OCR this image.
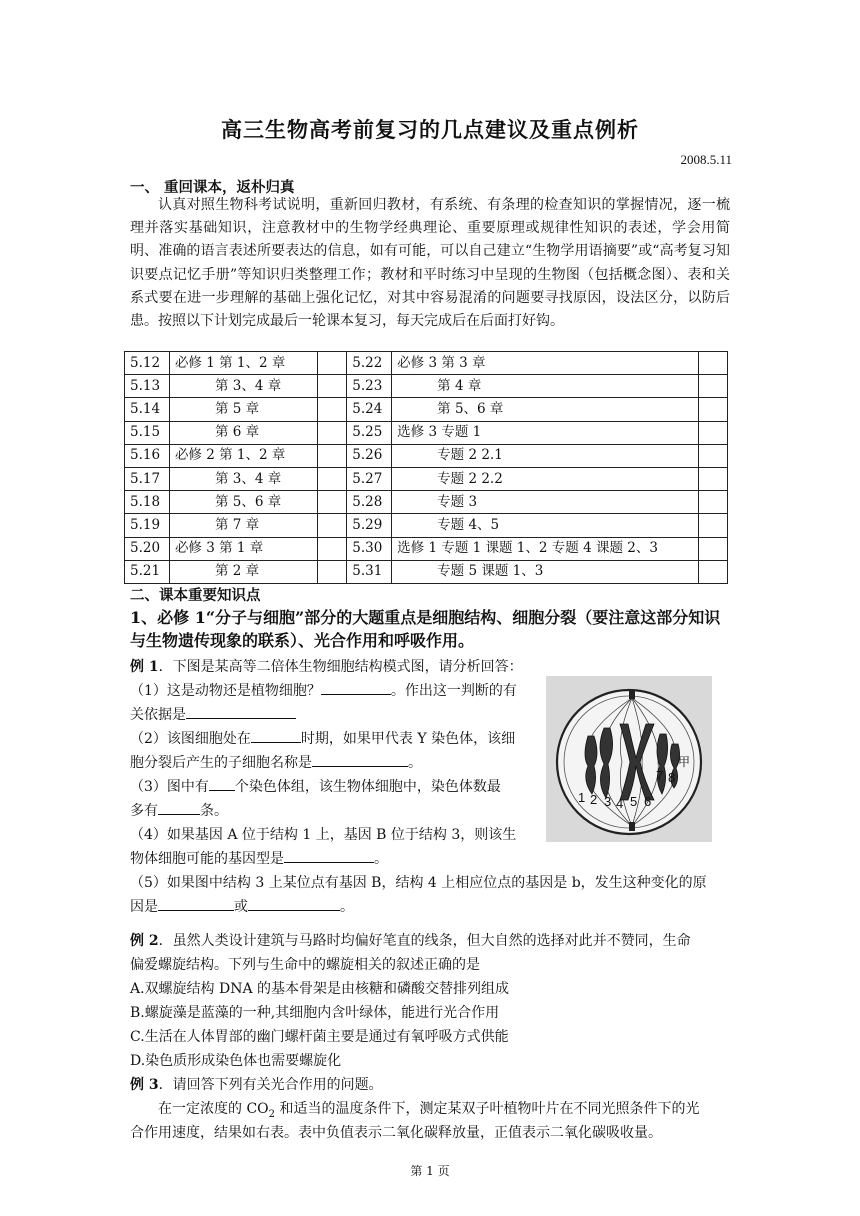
高三生物高考前复习的几点建议及重点例析
2008.5.11
一、 重回课本，返朴归真
认真对照生物科考试说明，重新回归教材，有系统、有条理的检查知识的掌握情况，逐一梳理并落实基础知识，注意教材中的生物学经典理论、重要原理或规律性知识的表述，学会用简明、准确的语言表述所要表达的信息，如有可能，可以自己建立“生物学用语摘要”或“高考复习知识要点记忆手册”等知识归类整理工作；教材和平时练习中呈现的生物图（包括概念图）、表和关系式要在进一步理解的基础上强化记忆，对其中容易混淆的问题要寻找原因，设法区分，以防后患。按照以下计划完成最后一轮课本复习，每天完成后在后面打好钩。
5.12	必修 1 第 1、2 章		5.22	必修 3 第 3 章	
5.13	第 3、4 章		5.23	第 4 章	
5.14	第 5 章		5.24	第 5、6 章	
5.15	第 6 章		5.25	选修 3 专题 1	
5.16	必修 2 第 1、2 章		5.26	专题 2 2.1	
5.17	第 3、4 章		5.27	专题 2 2.2	
5.18	第 5、6 章		5.28	专题 3	
5.19	第 7 章		5.29	专题 4、5	
5.20	必修 3 第 1 章		5.30	选修 1 专题 1 课题 1、2 专题 4 课题 2、3	
5.21	第 2 章		5.31	专题 5 课题 1、3	
二、课本重要知识点
1、必修 1“分子与细胞”部分的大题重点是细胞结构、细胞分裂（要注意这部分知识与生物遗传现象的联系）、光合作用和呼吸作用。
例 1．下图是某高等二倍体生物细胞结构模式图，请分析回答：
（1）这是动物还是植物细胞？	。作出这一判断的有
关依据是
（2）该图细胞处在	时期，如果甲代表 Y 染色体，该细
胞分裂后产生的子细胞名称是	。
（3）图中有 个染色体组，该生物体细胞中，染色体数最
多有	条。
（4）如果基因 A 位于结构 1 上，基因 B 位于结构 3，则该生
物体细胞可能的基因型是	。
（5）如果图中结构 3 上某位点有基因 B，结构 4 上相应位点的基因是 b，发生这种变化的原
因是	或	。
1 2 3 4 5 6
7 8
甲
例 2．虽然人类设计建筑与马路时均偏好笔直的线条，但大自然的选择对此并不赞同，生命
偏爱螺旋结构。下列与生命中的螺旋相关的叙述正确的是
A.双螺旋结构 DNA 的基本骨架是由核糖和磷酸交替排列组成
B.螺旋藻是蓝藻的一种,其细胞内含叶绿体，能进行光合作用
C.生活在人体胃部的幽门螺杆菌主要是通过有氧呼吸方式供能
D.染色质形成染色体也需要螺旋化
例 3．请回答下列有关光合作用的问题。
在一定浓度的 $CO_2$ 和适当的温度条件下，测定某双子叶植物叶片在不同光照条件下的光
合作用速度，结果如右表。表中负值表示二氧化碳释放量，正值表示二氧化碳吸收量。
第 1 页
